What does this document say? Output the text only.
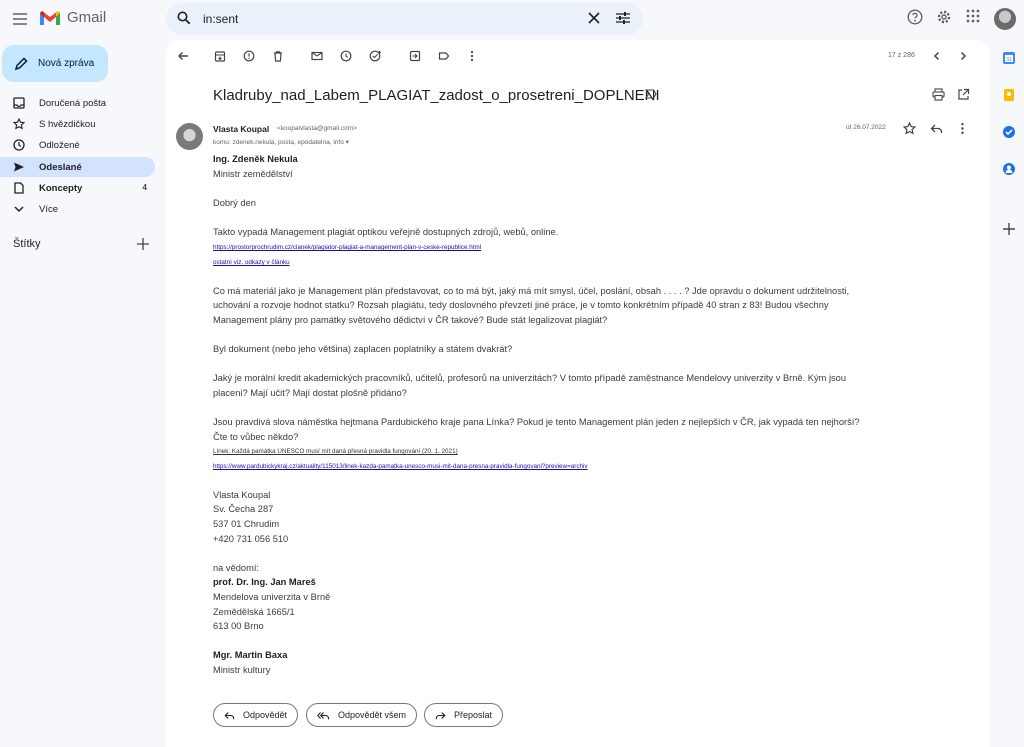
Gmail
in:sent
Nová zpráva
Doručená pošta
S hvězdičkou
Odložené
Odeslané
Koncepty	4
Více
Štítky
17 z 286
Kladruby_nad_Labem_PLAGIAT_zadost_o_prosetreni_DOPLNENI
Vlasta Koupal <koupalvlasta@gmail.com>
komu: zdenek.nekula, posta, epodatelna, info ▾
út 26.07.2022
Ing. Zdeněk Nekula
Ministr zemědělství
Dobrý den
Takto vypadá Management plagiát optikou veřejně dostupných zdrojů, webů, online.
https://prostorprochrudim.cz/clanek/plagiator-plagiat-a-management-plan-v-ceske-republice.html
ostatní viz. odkazy v článku
Co má materiál jako je Management plán představovat, co to má být, jaký má mít smysl, účel, poslání, obsah . . . . ? Jde opravdu o dokument udržitelnosti,
uchování a rozvoje hodnot statku? Rozsah plagiátu, tedy doslovného převzetí jiné práce, je v tomto konkrétním případě 40 stran z 83! Budou všechny
Management plány pro památky světového dědictví v ČR takové? Bude stát legalizovat plagiát?
Byl dokument (nebo jeho většina) zaplacen poplatníky a státem dvakrát?
Jaký je morální kredit akademických pracovníků, učitelů, profesorů na univerzitách? V tomto případě zaměstnance Mendelovy univerzity v Brně. Kým jsou
placeni? Mají učit? Mají dostat plošně přidáno?
Jsou pravdivá slova náměstka hejtmana Pardubického kraje pana Línka? Pokud je tento Management plán jeden z nejlepších v ČR, jak vypadá ten nejhorší?
Čte to vůbec někdo?
Línek: Každá památka UNESCO musí mít daná přesná pravidla fungování (20. 1. 2021)
https://www.pardubickykraj.cz/aktuality/115013/linek-kazda-pamatka-unesco-musi-mit-dana-presna-pravidla-fungovani?preview=archiv
Vlasta Koupal
Sv. Čecha 287
537 01 Chrudim
+420 731 056 510
na vědomí:
prof. Dr. Ing. Jan Mareš
Mendelova univerzita v Brně
Zemědělská 1665/1
613 00 Brno
Mgr. Martin Baxa
Ministr kultury
Odpovědět	Odpovědět všem	Přeposlat
31
